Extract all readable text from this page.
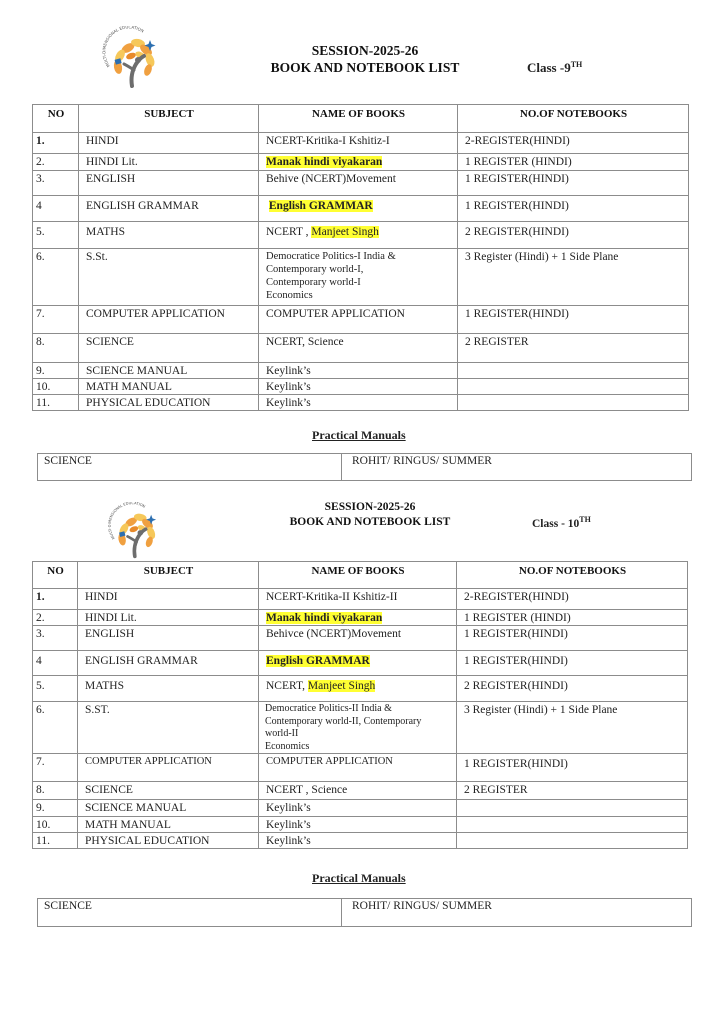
MULTI-DIMENSIONAL EDUCATION
SESSION-2025-26
BOOK AND NOTEBOOK LIST	Class -9TH
NO	SUBJECT	NAME OF BOOKS	NO.OF NOTEBOOKS
1.	HINDI	NCERT-Kritika-I Kshitiz-I	2-REGISTER(HINDI)
2.	HINDI Lit.	Manak hindi viyakaran	1 REGISTER (HINDI)
3.	ENGLISH	Behive (NCERT)Movement	1 REGISTER(HINDI)
4	ENGLISH GRAMMAR	English GRAMMAR	1 REGISTER(HINDI)
5.	MATHS	NCERT , Manjeet Singh	2 REGISTER(HINDI)
6.	S.St.	Democratice Politics-I India &
Contemporary world-I,
Contemporary world-I
Economics	3 Register (Hindi) + 1 Side Plane
7.	COMPUTER APPLICATION	COMPUTER APPLICATION	1 REGISTER(HINDI)
8.	SCIENCE	NCERT, Science	2 REGISTER
9.	SCIENCE MANUAL	Keylink’s	
10.	MATH MANUAL	Keylink’s	
11.	PHYSICAL EDUCATION	Keylink’s	
Practical Manuals
SCIENCE	ROHIT/ RINGUS/ SUMMER
MULTI-DIMENSIONAL EDUCATION	SESSION-2025-26
BOOK AND NOTEBOOK LIST	Class - 10TH
NO	SUBJECT	NAME OF BOOKS	NO.OF NOTEBOOKS
1.	HINDI	NCERT-Kritika-II Kshitiz-II	2-REGISTER(HINDI)
2.	HINDI Lit.	Manak hindi viyakaran	1 REGISTER (HINDI)
3.	ENGLISH	Behivce (NCERT)Movement	1 REGISTER(HINDI)
4	ENGLISH GRAMMAR	English GRAMMAR	1 REGISTER(HINDI)
5.	MATHS	NCERT, Manjeet Singh	2 REGISTER(HINDI)
6.	S.ST.	Democratice Politics-II India &
Contemporary world-II, Contemporary
world-II
Economics	3 Register (Hindi) + 1 Side Plane
7.	COMPUTER APPLICATION	COMPUTER APPLICATION	1 REGISTER(HINDI)
8.	SCIENCE	NCERT , Science	2 REGISTER
9.	SCIENCE MANUAL	Keylink’s	
10.	MATH MANUAL	Keylink’s	
11.	PHYSICAL EDUCATION	Keylink’s	
Practical Manuals
SCIENCE	ROHIT/ RINGUS/ SUMMER
